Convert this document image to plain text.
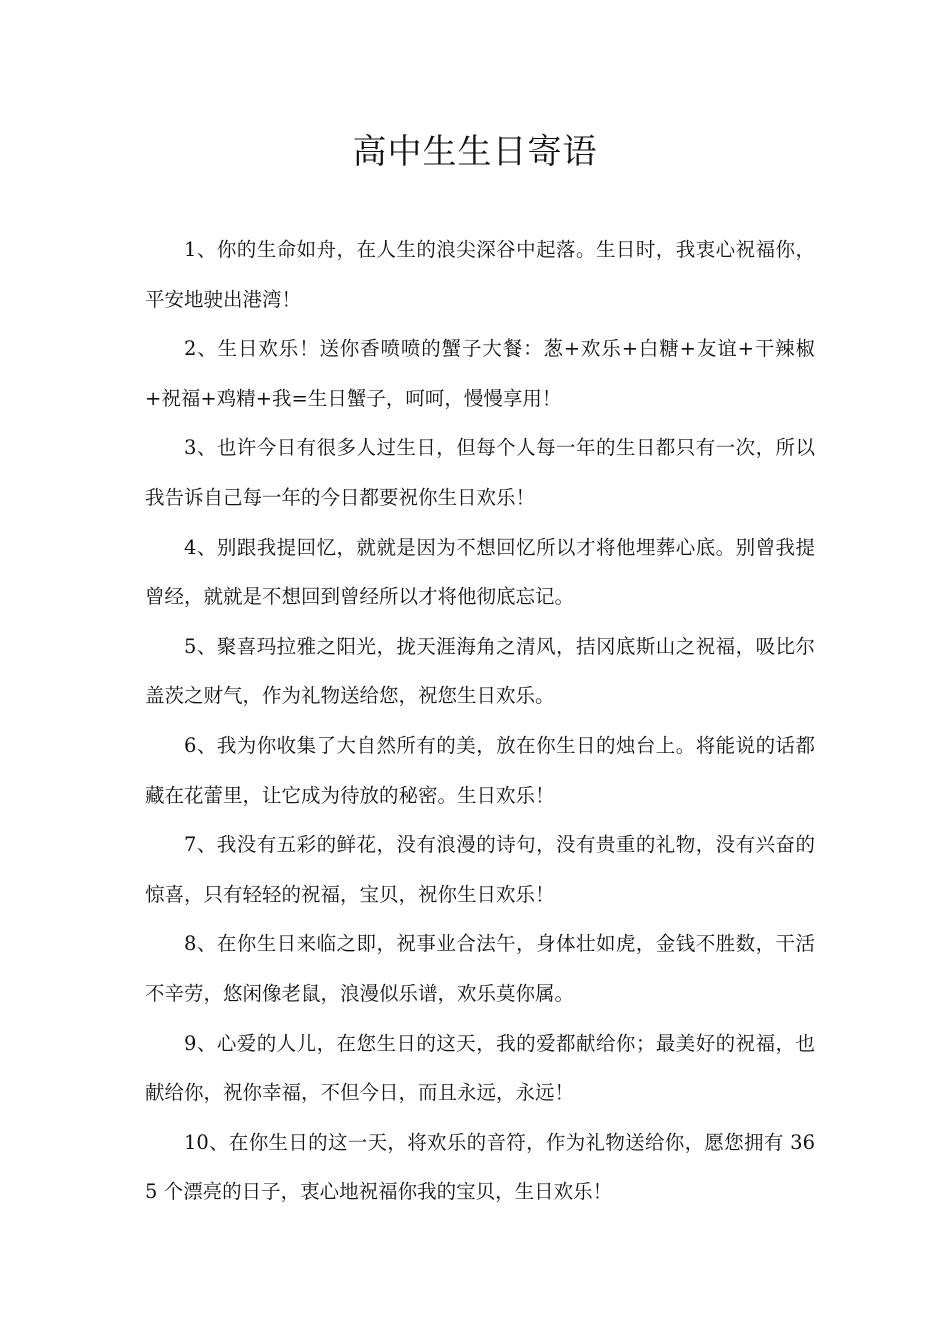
高中生生日寄语

1、你的生命如舟，在人生的浪尖深谷中起落。生日时，我衷心祝福你，平安地驶出港湾！

2、生日欢乐！送你香喷喷的蟹子大餐：葱+欢乐+白糖+友谊+干辣椒+祝福+鸡精+我=生日蟹子，呵呵，慢慢享用！

3、也许今日有很多人过生日，但每个人每一年的生日都只有一次，所以我告诉自己每一年的今日都要祝你生日欢乐！

4、别跟我提回忆，就就是因为不想回忆所以才将他埋葬心底。别曾我提曾经，就就是不想回到曾经所以才将他彻底忘记。

5、聚喜玛拉雅之阳光，拢天涯海角之清风，拮冈底斯山之祝福，吸比尔盖茨之财气，作为礼物送给您，祝您生日欢乐。

6、我为你收集了大自然所有的美，放在你生日的烛台上。将能说的话都藏在花蕾里，让它成为待放的秘密。生日欢乐！

7、我没有五彩的鲜花，没有浪漫的诗句，没有贵重的礼物，没有兴奋的惊喜，只有轻轻的祝福，宝贝，祝你生日欢乐！

8、在你生日来临之即，祝事业合法午，身体壮如虎，金钱不胜数，干活不辛劳，悠闲像老鼠，浪漫似乐谱，欢乐莫你属。

9、心爱的人儿，在您生日的这天，我的爱都献给你；最美好的祝福，也献给你，祝你幸福，不但今日，而且永远，永远！

10、在你生日的这一天，将欢乐的音符，作为礼物送给你，愿您拥有 365 个漂亮的日子，衷心地祝福你我的宝贝，生日欢乐！
